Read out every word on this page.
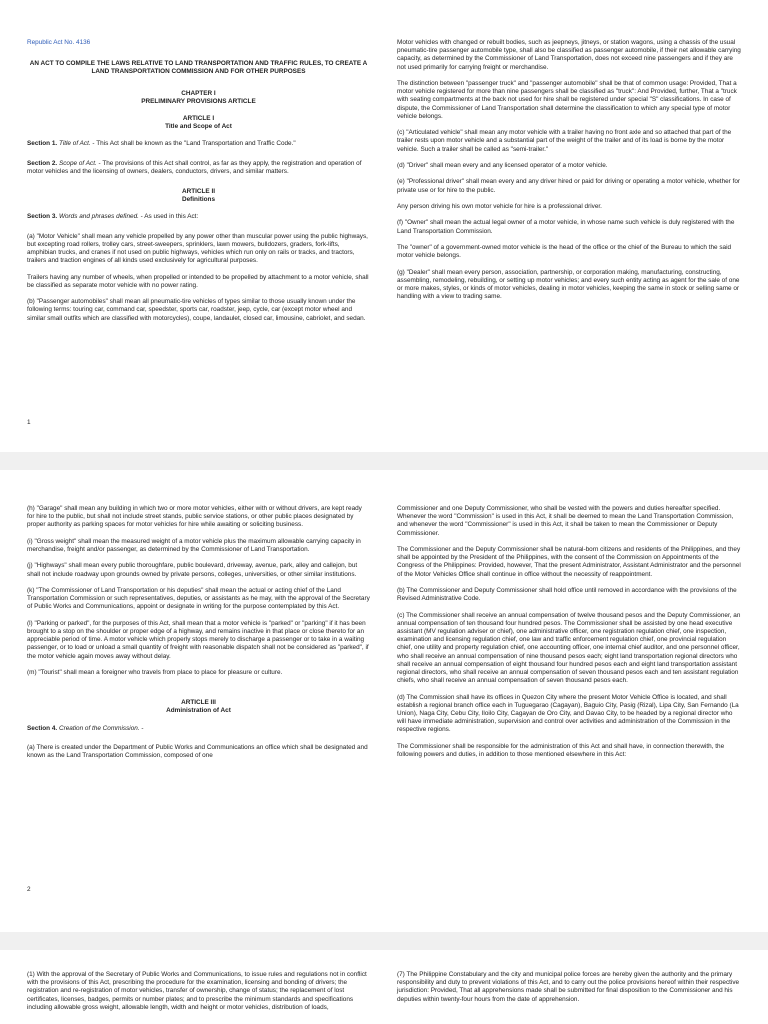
Republic Act No. 4136

AN ACT TO COMPILE THE LAWS RELATIVE TO LAND TRANSPORTATION AND TRAFFIC RULES, TO CREATE A LAND TRANSPORTATION COMMISSION AND FOR OTHER PURPOSES

CHAPTER I
PRELIMINARY PROVISIONS ARTICLE
ARTICLE I
Title and Scope of Act

Section 1. Title of Act. - This Act shall be known as the "Land Transportation and Traffic Code."

Section 2. Scope of Act. - The provisions of this Act shall control, as far as they apply, the registration and operation of motor vehicles and the licensing of owners, dealers, conductors, drivers, and similar matters.

ARTICLE II
Definitions

Section 3. Words and phrases defined. - As used in this Act:

(a) "Motor Vehicle" shall mean any vehicle propelled by any power other than muscular power using the public highways, but excepting road rollers, trolley cars, street-sweepers, sprinklers, lawn mowers, bulldozers, graders, fork-lifts, amphibian trucks, and cranes if not used on public highways, vehicles which run only on rails or tracks, and tractors, trailers and traction engines of all kinds used exclusively for agricultural purposes.

Trailers having any number of wheels, when propelled or intended to be propelled by attachment to a motor vehicle, shall be classified as separate motor vehicle with no power rating.

(b) "Passenger automobiles" shall mean all pneumatic-tire vehicles of types similar to those usually known under the following terms: touring car, command car, speedster, sports car, roadster, jeep, cycle, car (except motor wheel and similar small outfits which are classified with motorcycles), coupe, landaulet, closed car, limousine, cabriolet, and sedan.

1

Motor vehicles with changed or rebuilt bodies, such as jeepneys, jitneys, or station wagons, using a chassis of the usual pneumatic-tire passenger automobile type, shall also be classified as passenger automobile, if their net allowable carrying capacity, as determined by the Commissioner of Land Transportation, does not exceed nine passengers and if they are not used primarily for carrying freight or merchandise.

The distinction between "passenger truck" and "passenger automobile" shall be that of common usage: Provided, That a motor vehicle registered for more than nine passengers shall be classified as "truck": And Provided, further, That a "truck with seating compartments at the back not used for hire shall be registered under special "S" classifications. In case of dispute, the Commissioner of Land Transportation shall determine the classification to which any special type of motor vehicle belongs.

(c) "Articulated vehicle" shall mean any motor vehicle with a trailer having no front axle and so attached that part of the trailer rests upon motor vehicle and a substantial part of the weight of the trailer and of its load is borne by the motor vehicle. Such a trailer shall be called as "semi-trailer."

(d) "Driver" shall mean every and any licensed operator of a motor vehicle.

(e) "Professional driver" shall mean every and any driver hired or paid for driving or operating a motor vehicle, whether for private use or for hire to the public.

Any person driving his own motor vehicle for hire is a professional driver.

(f) "Owner" shall mean the actual legal owner of a motor vehicle, in whose name such vehicle is duly registered with the Land Transportation Commission.

The "owner" of a government-owned motor vehicle is the head of the office or the chief of the Bureau to which the said motor vehicle belongs.

(g) "Dealer" shall mean every person, association, partnership, or corporation making, manufacturing, constructing, assembling, remodeling, rebuilding, or setting up motor vehicles; and every such entity acting as agent for the sale of one or more makes, styles, or kinds of motor vehicles, dealing in motor vehicles, keeping the same in stock or selling same or handling with a view to trading same.

(h) "Garage" shall mean any building in which two or more motor vehicles, either with or without drivers, are kept ready for hire to the public, but shall not include street stands, public service stations, or other public places designated by proper authority as parking spaces for motor vehicles for hire while awaiting or soliciting business.

(i) "Gross weight" shall mean the measured weight of a motor vehicle plus the maximum allowable carrying capacity in merchandise, freight and/or passenger, as determined by the Commissioner of Land Transportation.

(j) "Highways" shall mean every public thoroughfare, public boulevard, driveway, avenue, park, alley and callejon, but shall not include roadway upon grounds owned by private persons, colleges, universities, or other similar institutions.

(k) "The Commissioner of Land Transportation or his deputies" shall mean the actual or acting chief of the Land Transportation Commission or such representatives, deputies, or assistants as he may, with the approval of the Secretary of Public Works and Communications, appoint or designate in writing for the purpose contemplated by this Act.

(l) "Parking or parked", for the purposes of this Act, shall mean that a motor vehicle is "parked" or "parking" if it has been brought to a stop on the shoulder or proper edge of a highway, and remains inactive in that place or close thereto for an appreciable period of time. A motor vehicle which properly stops merely to discharge a passenger or to take in a waiting passenger, or to load or unload a small quantity of freight with reasonable dispatch shall not be considered as "parked", if the motor vehicle again moves away without delay.

(m) "Tourist" shall mean a foreigner who travels from place to place for pleasure or culture.

ARTICLE III
Administration of Act

Section 4. Creation of the Commission. -

(a) There is created under the Department of Public Works and Communications an office which shall be designated and known as the Land Transportation Commission, composed of one

2

Commissioner and one Deputy Commissioner, who shall be vested with the powers and duties hereafter specified. Whenever the word "Commission" is used in this Act, it shall be deemed to mean the Land Transportation Commission, and whenever the word "Commissioner" is used in this Act, it shall be taken to mean the Commissioner or Deputy Commissioner.

The Commissioner and the Deputy Commissioner shall be natural-born citizens and residents of the Philippines, and they shall be appointed by the President of the Philippines, with the consent of the Commission on Appointments of the Congress of the Philippines: Provided, however, That the present Administrator, Assistant Administrator and the personnel of the Motor Vehicles Office shall continue in office without the necessity of reappointment.

(b) The Commissioner and Deputy Commissioner shall hold office until removed in accordance with the provisions of the Revised Administrative Code.

(c) The Commissioner shall receive an annual compensation of twelve thousand pesos and the Deputy Commissioner, an annual compensation of ten thousand four hundred pesos. The Commissioner shall be assisted by one head executive assistant (MV regulation adviser or chief), one administrative officer, one registration regulation chief, one inspection, examination and licensing regulation chief, one law and traffic enforcement regulation chief, one provincial regulation chief, one utility and property regulation chief, one accounting officer, one internal chief auditor, and one personnel officer, who shall receive an annual compensation of nine thousand pesos each; eight land transportation regional directors who shall receive an annual compensation of eight thousand four hundred pesos each and eight land transportation assistant regional directors, who shall receive an annual compensation of seven thousand pesos each and ten assistant regulation chiefs, who shall receive an annual compensation of seven thousand pesos each.

(d) The Commission shall have its offices in Quezon City where the present Motor Vehicle Office is located, and shall establish a regional branch office each in Tuguegarao (Cagayan), Baguio City, Pasig (Rizal), Lipa City, San Fernando (La Union), Naga City, Cebu City, Iloilo City, Cagayan de Oro City, and Davao City, to be headed by a regional director who will have immediate administration, supervision and control over activities and administration of the Commission in the respective regions.

The Commissioner shall be responsible for the administration of this Act and shall have, in connection therewith, the following powers and duties, in addition to those mentioned elsewhere in this Act:

(1) With the approval of the Secretary of Public Works and Communications, to issue rules and regulations not in conflict with the provisions of this Act, prescribing the procedure for the examination, licensing and bonding of drivers; the registration and re-registration of motor vehicles, transfer of ownership, change of status; the replacement of lost certificates, licenses, badges, permits or number plates; and to prescribe the minimum standards and specifications including allowable gross weight, allowable length, width and height or motor vehicles, distribution of loads,

(7) The Philippine Constabulary and the city and municipal police forces are hereby given the authority and the primary responsibility and duty to prevent violations of this Act, and to carry out the police provisions hereof within their respective jurisdiction: Provided, That all apprehensions made shall be submitted for final disposition to the Commissioner and his deputies within twenty-four hours from the date of apprehension.
